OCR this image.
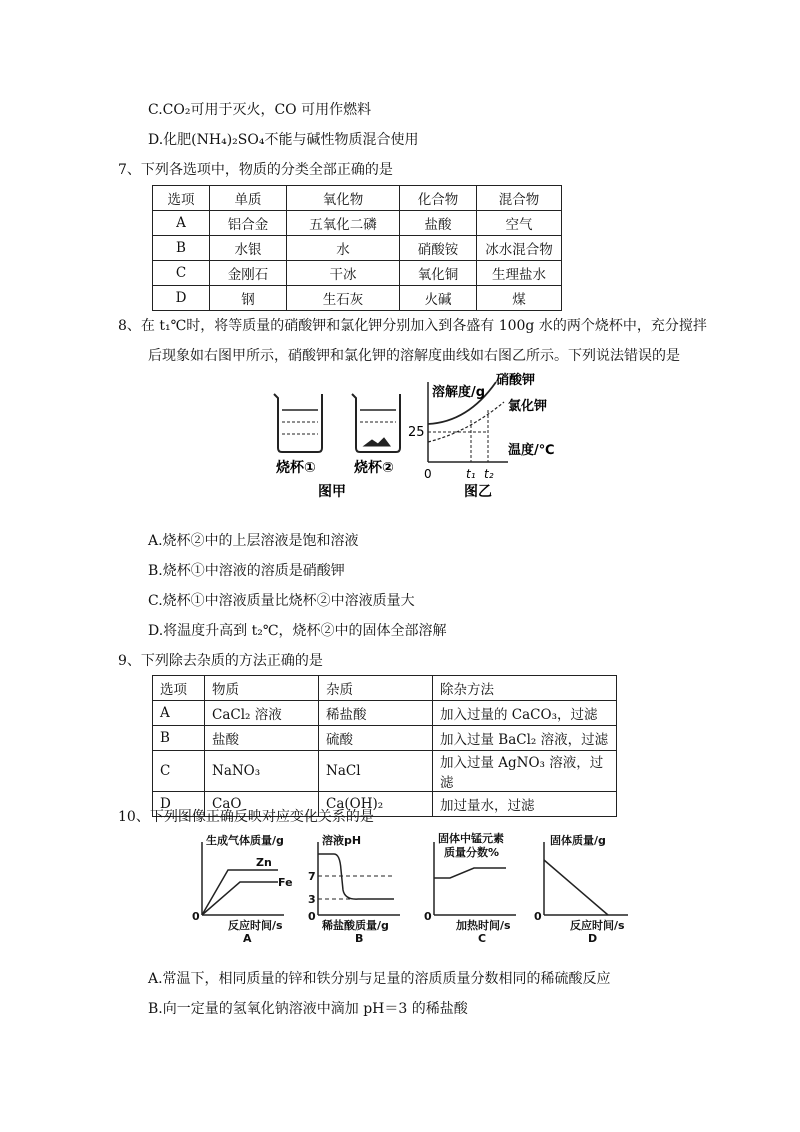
C.CO₂可用于灭火，CO 可用作燃料
D.化肥(NH₄)₂SO₄不能与碱性物质混合使用
7、下列各选项中，物质的分类全部正确的是
选项	单质	氧化物	化合物	混合物
A	铝合金	五氧化二磷	盐酸	空气
B	水银	水	硝酸铵	冰水混合物
C	金刚石	干冰	氧化铜	生理盐水
D	钢	生石灰	火碱	煤
8、在 t₁℃时，将等质量的硝酸钾和氯化钾分别加入到各盛有 100g 水的两个烧杯中，充分搅拌
后现象如右图甲所示，硝酸钾和氯化钾的溶解度曲线如右图乙所示。下列说法错误的是
烧杯①	烧杯②
图甲
溶解度/g
硝酸钾
氯化钾
25
温度/℃
0	t₁ t₂
图乙
A.烧杯②中的上层溶液是饱和溶液
B.烧杯①中溶液的溶质是硝酸钾
C.烧杯①中溶液质量比烧杯②中溶液质量大
D.将温度升高到 t₂℃，烧杯②中的固体全部溶解
9、下列除去杂质的方法正确的是
选项	物质	杂质	除杂方法
A	CaCl₂ 溶液	稀盐酸	加入过量的 CaCO₃，过滤
B	盐酸	硫酸	加入过量 BaCl₂ 溶液，过滤
C	NaNO₃	NaCl	加入过量 AgNO₃ 溶液，过滤
D	CaO	Ca(OH)₂	加过量水，过滤
10、下列图像正确反映对应变化关系的是
生成气体质量/g
Zn
Fe
0
反应时间/s
A
溶液pH
7
3
0
稀盐酸质量/g
B
固体中锰元素
质量分数%
0
加热时间/s
C
固体质量/g
0
反应时间/s
D
A.常温下，相同质量的锌和铁分别与足量的溶质质量分数相同的稀硫酸反应
B.向一定量的氢氧化钠溶液中滴加 pH＝3 的稀盐酸
